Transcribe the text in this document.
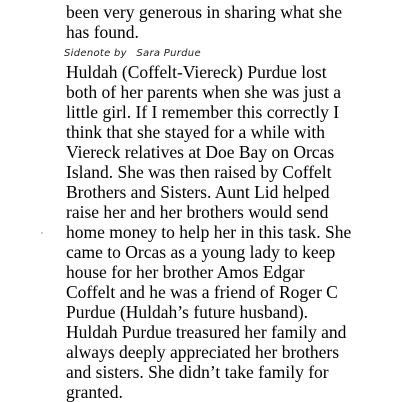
been very generous in sharing what she
has found.
Sidenote by Sara Purdue
Huldah (Coffelt-Viereck) Purdue lost
both of her parents when she was just a
little girl. If I remember this correctly I
think that she stayed for a while with
Viereck relatives at Doe Bay on Orcas
Island. She was then raised by Coffelt
Brothers and Sisters. Aunt Lid helped
raise her and her brothers would send
home money to help her in this task. She
came to Orcas as a young lady to keep
house for her brother Amos Edgar
Coffelt and he was a friend of Roger C
Purdue (Huldah’s future husband).
Huldah Purdue treasured her family and
always deeply appreciated her brothers
and sisters. She didn’t take family for
granted.
